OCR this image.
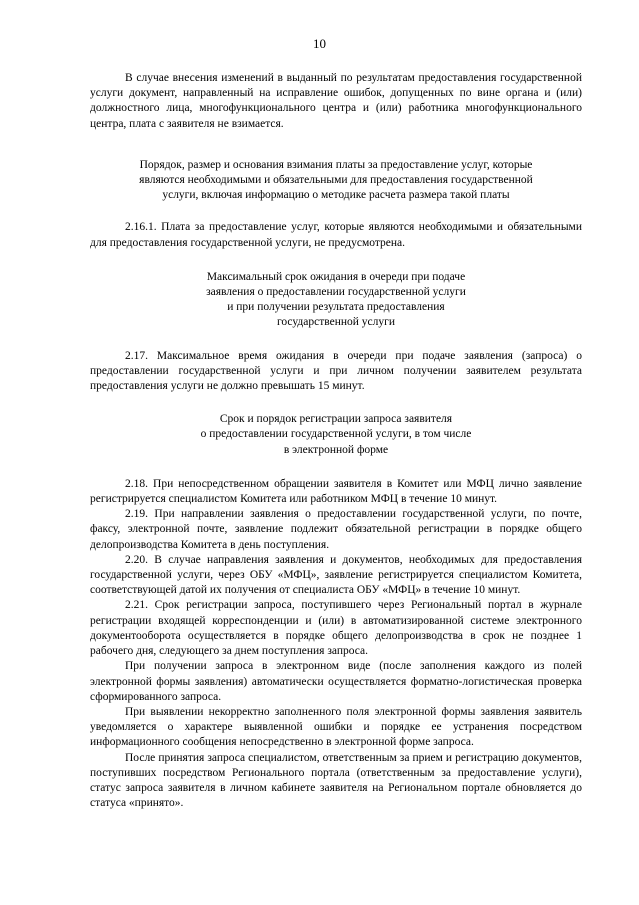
10

В случае внесения изменений в выданный по результатам предоставления государственной услуги документ, направленный на исправление ошибок, допущенных по вине органа и (или) должностного лица, многофункционального центра и (или) работника многофункционального центра, плата с заявителя не взимается.

Порядок, размер и основания взимания платы за предоставление услуг, которые
являются необходимыми и обязательными для предоставления государственной
услуги, включая информацию о методике расчета размера такой платы

2.16.1. Плата за предоставление услуг, которые являются необходимыми и обязательными для предоставления государственной услуги, не предусмотрена.

Максимальный срок ожидания в очереди при подаче
заявления о предоставлении государственной услуги
и при получении результата предоставления
государственной услуги

2.17. Максимальное время ожидания в очереди при подаче заявления (запроса) о предоставлении государственной услуги и при личном получении заявителем результата предоставления услуги не должно превышать 15 минут.

Срок и порядок регистрации запроса заявителя
о предоставлении государственной услуги, в том числе
в электронной форме

2.18. При непосредственном обращении заявителя в Комитет или МФЦ лично заявление регистрируется специалистом Комитета или работником МФЦ в течение 10 минут.

2.19. При направлении заявления о предоставлении государственной услуги, по почте, факсу, электронной почте, заявление подлежит обязательной регистрации в порядке общего делопроизводства Комитета в день поступления.

2.20. В случае направления заявления и документов, необходимых для предоставления государственной услуги, через ОБУ «МФЦ», заявление регистрируется специалистом Комитета, соответствующей датой их получения от специалиста ОБУ «МФЦ» в течение 10 минут.

2.21. Срок регистрации запроса, поступившего через Региональный портал в журнале регистрации входящей корреспонденции и (или) в автоматизированной системе электронного документооборота осуществляется в порядке общего делопроизводства в срок не позднее 1 рабочего дня, следующего за днем поступления запроса.

При получении запроса в электронном виде (после заполнения каждого из полей электронной формы заявления) автоматически осуществляется форматно-логистическая проверка сформированного запроса.

При выявлении некорректно заполненного поля электронной формы заявления заявитель уведомляется о характере выявленной ошибки и порядке ее устранения посредством информационного сообщения непосредственно в электронной форме запроса.

После принятия запроса специалистом, ответственным за прием и регистрацию документов, поступивших посредством Регионального портала (ответственным за предоставление услуги), статус запроса заявителя в личном кабинете заявителя на Региональном портале обновляется до статуса «принято».
